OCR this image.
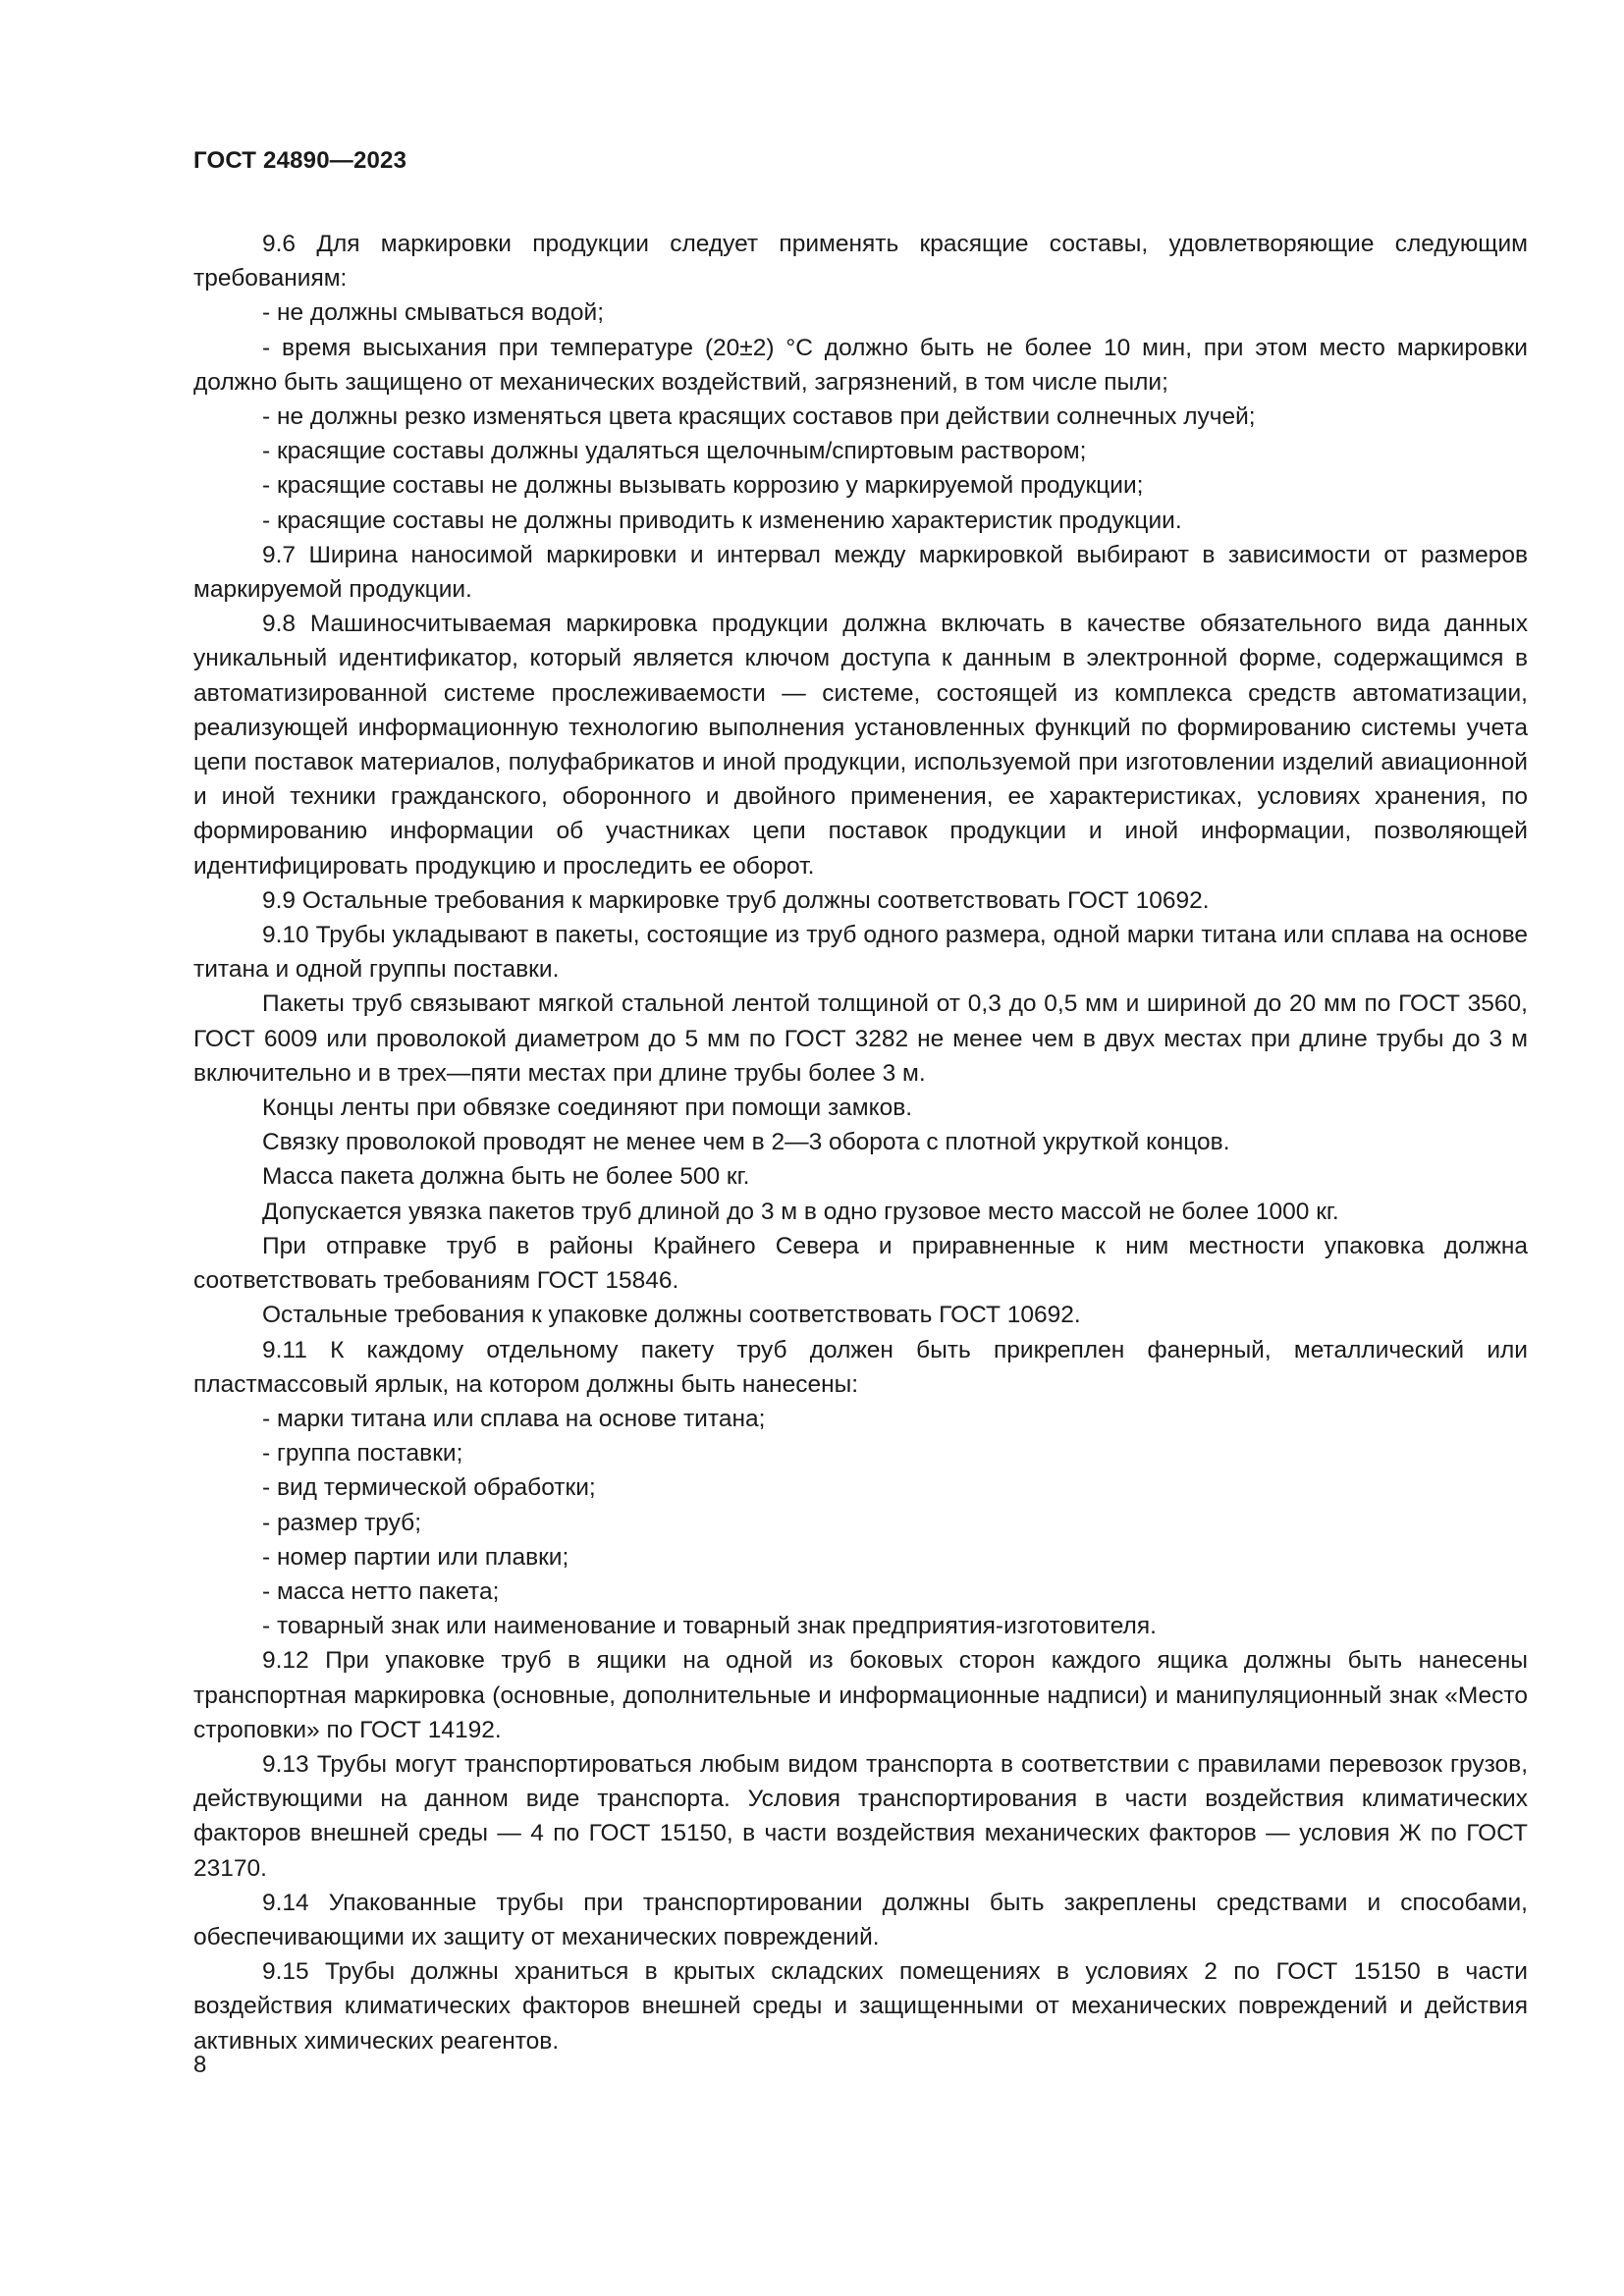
ГОСТ 24890—2023

9.6 Для маркировки продукции следует применять красящие составы, удовлетворяющие следующим требованиям:

- не должны смываться водой;

- время высыхания при температуре (20±2) °C должно быть не более 10 мин, при этом место маркировки должно быть защищено от механических воздействий, загрязнений, в том числе пыли;

- не должны резко изменяться цвета красящих составов при действии солнечных лучей;

- красящие составы должны удаляться щелочным/спиртовым раствором;

- красящие составы не должны вызывать коррозию у маркируемой продукции;

- красящие составы не должны приводить к изменению характеристик продукции.

9.7 Ширина наносимой маркировки и интервал между маркировкой выбирают в зависимости от размеров маркируемой продукции.

9.8 Машиносчитываемая маркировка продукции должна включать в качестве обязательного вида данных уникальный идентификатор, который является ключом доступа к данным в электронной форме, содержащимся в автоматизированной системе прослеживаемости — системе, состоящей из комплекса средств автоматизации, реализующей информационную технологию выполнения установленных функций по формированию системы учета цепи поставок материалов, полуфабрикатов и иной продукции, используемой при изготовлении изделий авиационной и иной техники гражданского, оборонного и двойного применения, ее характеристиках, условиях хранения, по формированию информации об участниках цепи поставок продукции и иной информации, позволяющей идентифицировать продукцию и проследить ее оборот.

9.9 Остальные требования к маркировке труб должны соответствовать ГОСТ 10692.

9.10 Трубы укладывают в пакеты, состоящие из труб одного размера, одной марки титана или сплава на основе титана и одной группы поставки.

Пакеты труб связывают мягкой стальной лентой толщиной от 0,3 до 0,5 мм и шириной до 20 мм по ГОСТ 3560, ГОСТ 6009 или проволокой диаметром до 5 мм по ГОСТ 3282 не менее чем в двух местах при длине трубы до 3 м включительно и в трех—пяти местах при длине трубы более 3 м.

Концы ленты при обвязке соединяют при помощи замков.

Связку проволокой проводят не менее чем в 2—3 оборота с плотной укруткой концов.

Масса пакета должна быть не более 500 кг.

Допускается увязка пакетов труб длиной до 3 м в одно грузовое место массой не более 1000 кг.

При отправке труб в районы Крайнего Севера и приравненные к ним местности упаковка должна соответствовать требованиям ГОСТ 15846.

Остальные требования к упаковке должны соответствовать ГОСТ 10692.

9.11 К каждому отдельному пакету труб должен быть прикреплен фанерный, металлический или пластмассовый ярлык, на котором должны быть нанесены:

- марки титана или сплава на основе титана;

- группа поставки;

- вид термической обработки;

- размер труб;

- номер партии или плавки;

- масса нетто пакета;

- товарный знак или наименование и товарный знак предприятия-изготовителя.

9.12 При упаковке труб в ящики на одной из боковых сторон каждого ящика должны быть нанесены транспортная маркировка (основные, дополнительные и информационные надписи) и манипуляционный знак «Место строповки» по ГОСТ 14192.

9.13 Трубы могут транспортироваться любым видом транспорта в соответствии с правилами перевозок грузов, действующими на данном виде транспорта. Условия транспортирования в части воздействия климатических факторов внешней среды — 4 по ГОСТ 15150, в части воздействия механических факторов — условия Ж по ГОСТ 23170.

9.14 Упакованные трубы при транспортировании должны быть закреплены средствами и способами, обеспечивающими их защиту от механических повреждений.

9.15 Трубы должны храниться в крытых складских помещениях в условиях 2 по ГОСТ 15150 в части воздействия климатических факторов внешней среды и защищенными от механических повреждений и действия активных химических реагентов.

8
